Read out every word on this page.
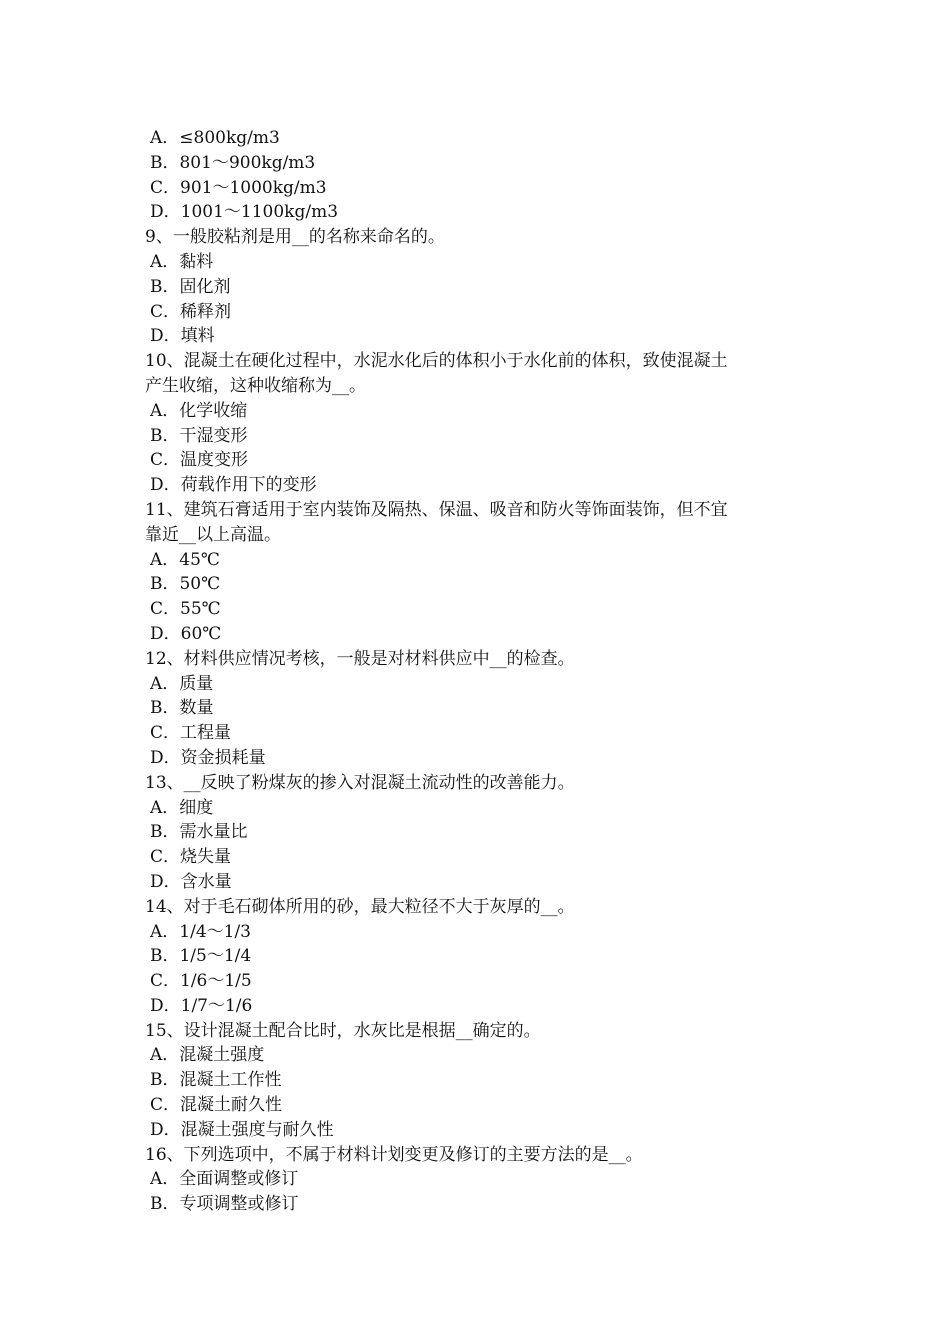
A．≤800kg/m3
B．801～900kg/m3
C．901～1000kg/m3
D．1001～1100kg/m3
9、一般胶粘剂是用__的名称来命名的。
A．黏料
B．固化剂
C．稀释剂
D．填料
10、混凝土在硬化过程中，水泥水化后的体积小于水化前的体积，致使混凝土
产生收缩，这种收缩称为__。
A．化学收缩
B．干湿变形
C．温度变形
D．荷载作用下的变形
11、建筑石膏适用于室内装饰及隔热、保温、吸音和防火等饰面装饰，但不宜
靠近__以上高温。
A．45℃
B．50℃
C．55℃
D．60℃
12、材料供应情况考核，一般是对材料供应中__的检查。
A．质量
B．数量
C．工程量
D．资金损耗量
13、__反映了粉煤灰的掺入对混凝土流动性的改善能力。
A．细度
B．需水量比
C．烧失量
D．含水量
14、对于毛石砌体所用的砂，最大粒径不大于灰厚的__。
A．1/4～1/3
B．1/5～1/4
C．1/6～1/5
D．1/7～1/6
15、设计混凝土配合比时，水灰比是根据__确定的。
A．混凝土强度
B．混凝土工作性
C．混凝土耐久性
D．混凝土强度与耐久性
16、下列选项中，不属于材料计划变更及修订的主要方法的是__。
A．全面调整或修订
B．专项调整或修订
